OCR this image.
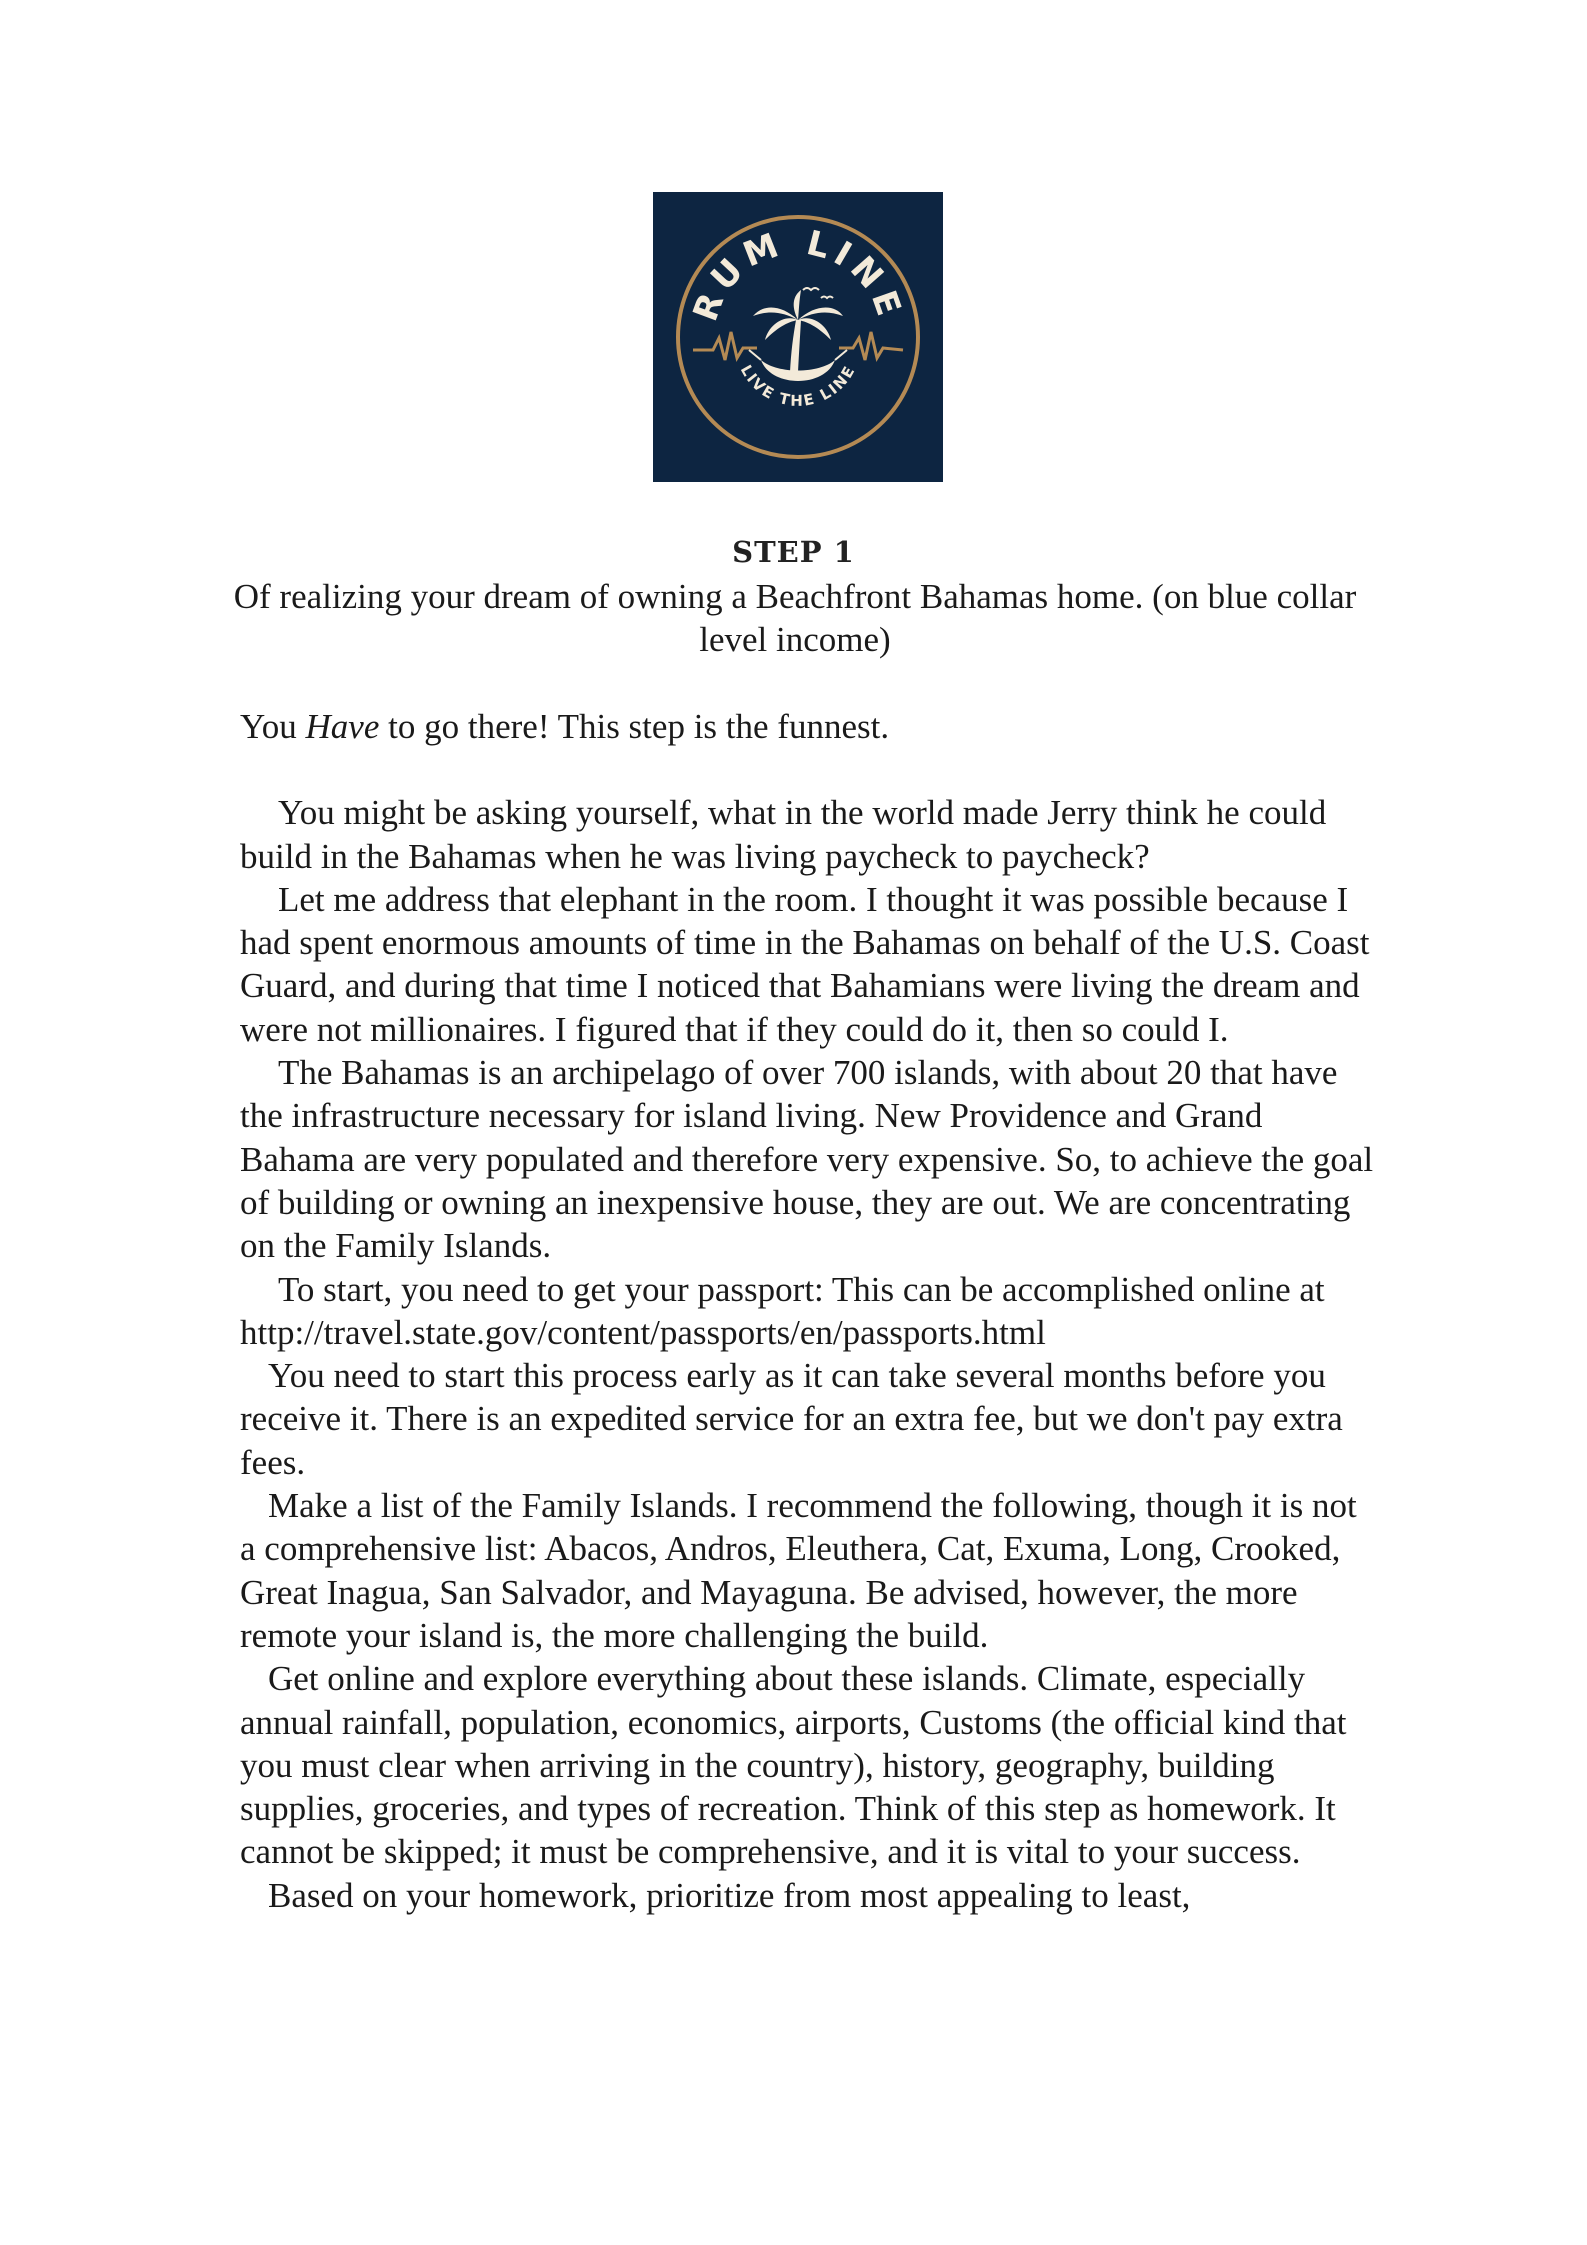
RUM LINE
LIVE THE LINE
STEP 1
Of realizing your dream of owning a Beachfront Bahamas home. (on blue collar level income)

You Have to go there! This step is the funnest.

You might be asking yourself, what in the world made Jerry think he could build in the Bahamas when he was living paycheck to paycheck?

Let me address that elephant in the room. I thought it was possible because I had spent enormous amounts of time in the Bahamas on behalf of the U.S. Coast Guard, and during that time I noticed that Bahamians were living the dream and were not millionaires. I figured that if they could do it, then so could I.

The Bahamas is an archipelago of over 700 islands, with about 20 that have the infrastructure necessary for island living. New Providence and Grand Bahama are very populated and therefore very expensive. So, to achieve the goal of building or owning an inexpensive house, they are out. We are concentrating on the Family Islands.

To start, you need to get your passport: This can be accomplished online at

http://travel.state.gov/content/passports/en/passports.html

You need to start this process early as it can take several months before you receive it. There is an expedited service for an extra fee, but we don't pay extra fees.

Make a list of the Family Islands. I recommend the following, though it is not a comprehensive list: Abacos, Andros, Eleuthera, Cat, Exuma, Long, Crooked, Great Inagua, San Salvador, and Mayaguna. Be advised, however, the more remote your island is, the more challenging the build.

Get online and explore everything about these islands. Climate, especially annual rainfall, population, economics, airports, Customs (the official kind that you must clear when arriving in the country), history, geography, building supplies, groceries, and types of recreation. Think of this step as homework. It cannot be skipped; it must be comprehensive, and it is vital to your success.

Based on your homework, prioritize from most appealing to least,
